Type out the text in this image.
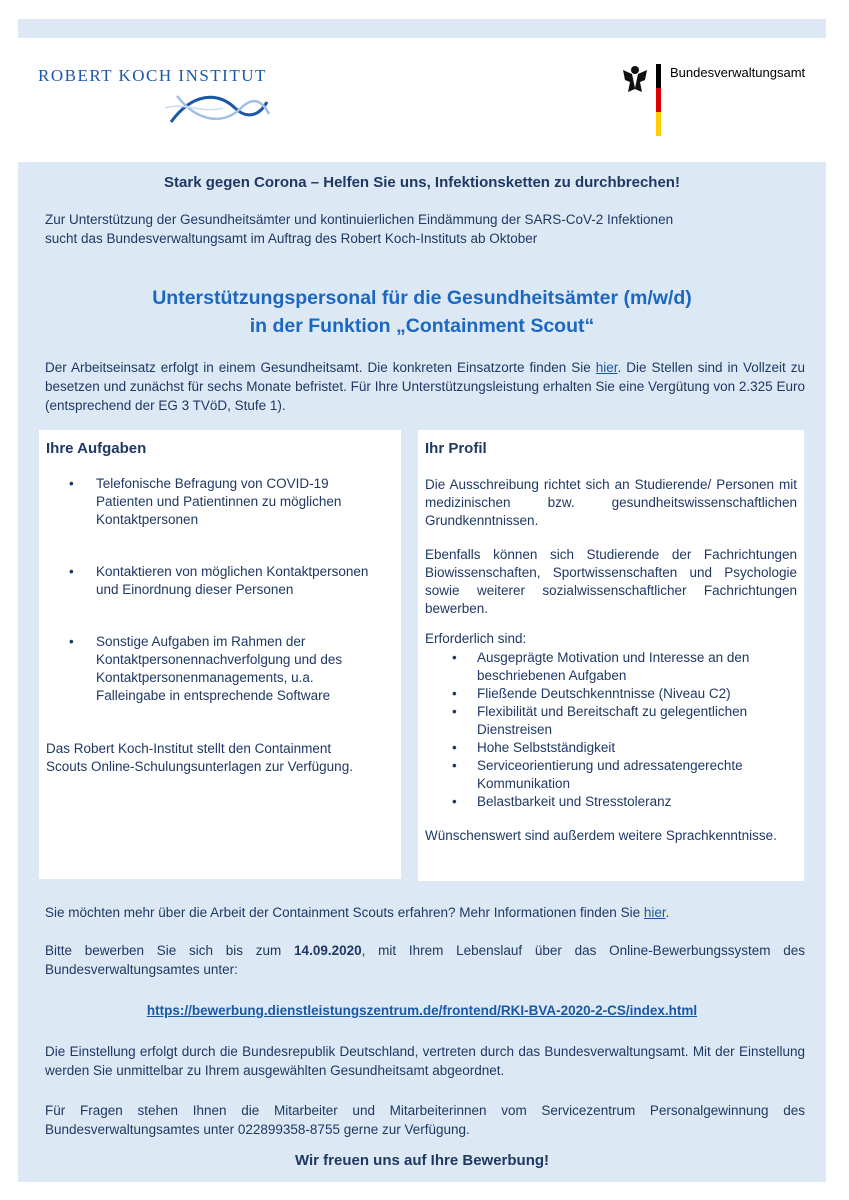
ROBERT KOCH INSTITUT	Bundesverwaltungsamt
Stark gegen Corona – Helfen Sie uns, Infektionsketten zu durchbrechen!
Zur Unterstützung der Gesundheitsämter und kontinuierlichen Eindämmung der SARS-CoV-2 Infektionen
sucht das Bundesverwaltungsamt im Auftrag des Robert Koch-Instituts ab Oktober
Unterstützungspersonal für die Gesundheitsämter (m/w/d)
in der Funktion „Containment Scout“
Der Arbeitseinsatz erfolgt in einem Gesundheitsamt. Die konkreten Einsatzorte finden Sie hier. Die Stellen sind in Vollzeit zu besetzen und zunächst für sechs Monate befristet. Für Ihre Unterstützungsleistung erhalten Sie eine Vergütung von 2.325 Euro (entsprechend der EG 3 TVöD, Stufe 1).
Ihre Aufgaben
• Telefonische Befragung von COVID-19 Patienten und Patientinnen zu möglichen Kontaktpersonen
• Kontaktieren von möglichen Kontaktpersonen und Einordnung dieser Personen
• Sonstige Aufgaben im Rahmen der Kontaktpersonennachverfolgung und des Kontaktpersonenmanagements, u.a. Falleingabe in entsprechende Software
Das Robert Koch-Institut stellt den Containment Scouts Online-Schulungsunterlagen zur Verfügung.
Ihr Profil
Die Ausschreibung richtet sich an Studierende/ Personen mit medizinischen bzw. gesundheitswissenschaftlichen Grundkenntnissen.
Ebenfalls können sich Studierende der Fachrichtungen Biowissenschaften, Sportwissenschaften und Psychologie sowie weiterer sozialwissenschaftlicher Fachrichtungen bewerben.
Erforderlich sind:
• Ausgeprägte Motivation und Interesse an den beschriebenen Aufgaben
• Fließende Deutschkenntnisse (Niveau C2)
• Flexibilität und Bereitschaft zu gelegentlichen Dienstreisen
• Hohe Selbstständigkeit
• Serviceorientierung und adressatengerechte Kommunikation
• Belastbarkeit und Stresstoleranz
Wünschenswert sind außerdem weitere Sprachkenntnisse.
Sie möchten mehr über die Arbeit der Containment Scouts erfahren? Mehr Informationen finden Sie hier.
Bitte bewerben Sie sich bis zum 14.09.2020, mit Ihrem Lebenslauf über das Online-Bewerbungssystem des Bundesverwaltungsamtes unter:
https://bewerbung.dienstleistungszentrum.de/frontend/RKI-BVA-2020-2-CS/index.html
Die Einstellung erfolgt durch die Bundesrepublik Deutschland, vertreten durch das Bundesverwaltungsamt. Mit der Einstellung werden Sie unmittelbar zu Ihrem ausgewählten Gesundheitsamt abgeordnet.
Für Fragen stehen Ihnen die Mitarbeiter und Mitarbeiterinnen vom Servicezentrum Personalgewinnung des Bundesverwaltungsamtes unter 022899358-8755 gerne zur Verfügung.
Wir freuen uns auf Ihre Bewerbung!
